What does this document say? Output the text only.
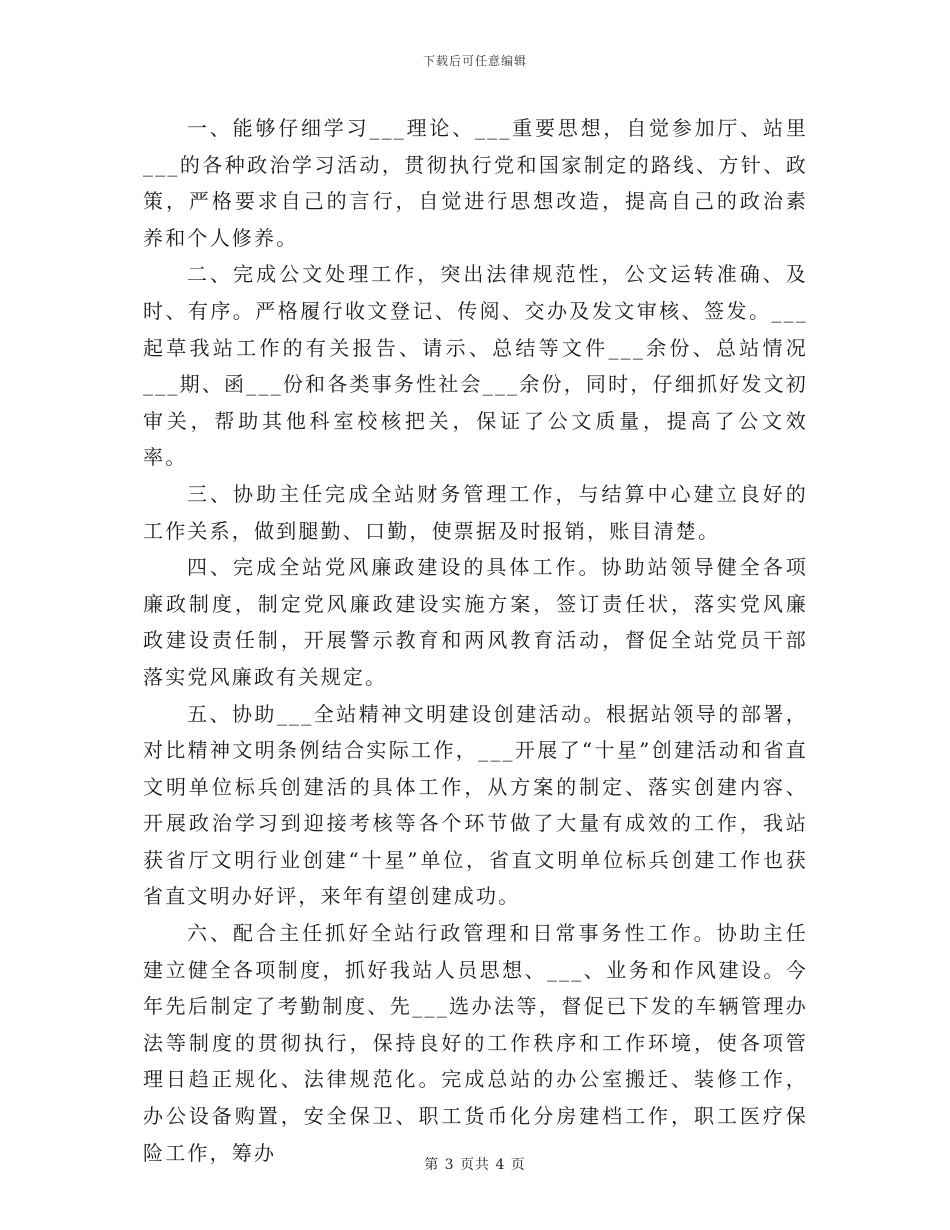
下载后可任意编辑

一、能够仔细学习___理论、___重要思想，自觉参加厅、站里___的各种政治学习活动，贯彻执行党和国家制定的路线、方针、政策，严格要求自己的言行，自觉进行思想改造，提高自己的政治素养和个人修养。

二、完成公文处理工作，突出法律规范性，公文运转准确、及时、有序。严格履行收文登记、传阅、交办及发文审核、签发。___起草我站工作的有关报告、请示、总结等文件___余份、总站情况___期、函___份和各类事务性社会___余份，同时，仔细抓好发文初审关，帮助其他科室校核把关，保证了公文质量，提高了公文效率。

三、协助主任完成全站财务管理工作，与结算中心建立良好的工作关系，做到腿勤、口勤，使票据及时报销，账目清楚。

四、完成全站党风廉政建设的具体工作。协助站领导健全各项廉政制度，制定党风廉政建设实施方案，签订责任状，落实党风廉政建设责任制，开展警示教育和两风教育活动，督促全站党员干部落实党风廉政有关规定。

五、协助___全站精神文明建设创建活动。根据站领导的部署，对比精神文明条例结合实际工作，___开展了“十星”创建活动和省直文明单位标兵创建活的具体工作，从方案的制定、落实创建内容、开展政治学习到迎接考核等各个环节做了大量有成效的工作，我站获省厅文明行业创建“十星”单位，省直文明单位标兵创建工作也获省直文明办好评，来年有望创建成功。

六、配合主任抓好全站行政管理和日常事务性工作。协助主任建立健全各项制度，抓好我站人员思想、___、业务和作风建设。今年先后制定了考勤制度、先___选办法等，督促已下发的车辆管理办法等制度的贯彻执行，保持良好的工作秩序和工作环境，使各项管理日趋正规化、法律规范化。完成总站的办公室搬迁、装修工作，办公设备购置，安全保卫、职工货币化分房建档工作，职工医疗保险工作，筹办

第 3 页共 4 页
